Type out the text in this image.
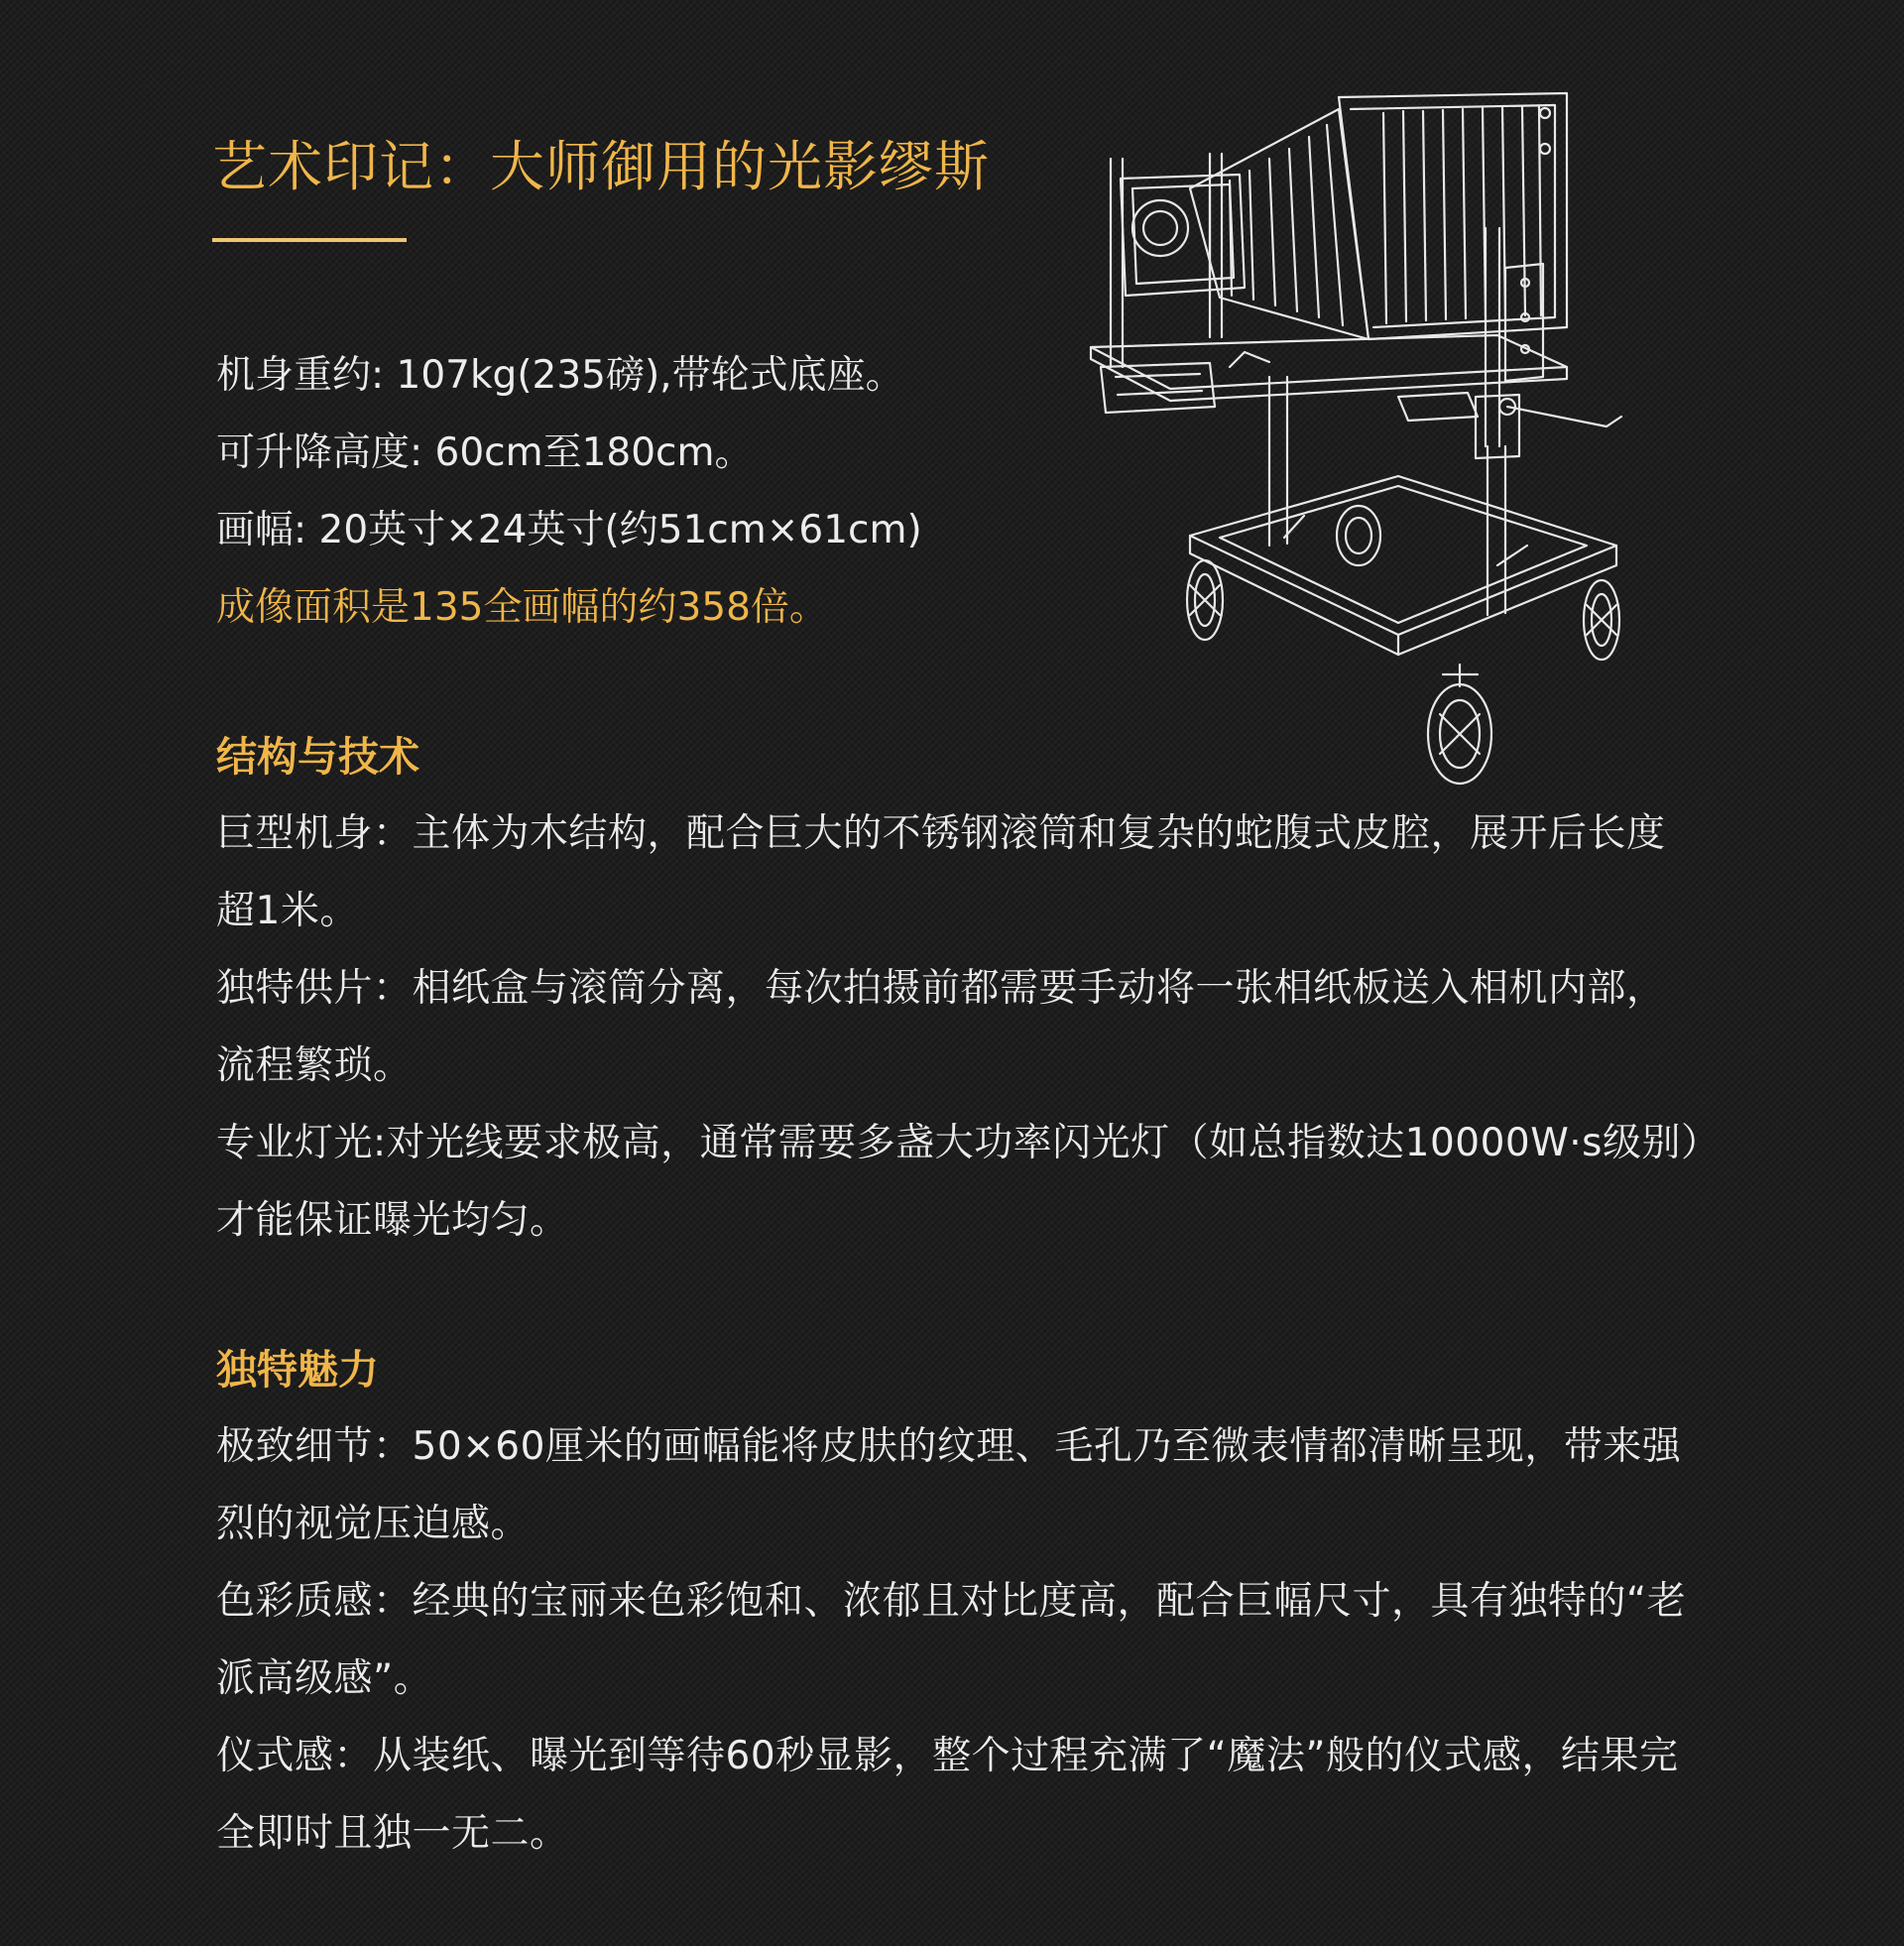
艺术印记：大师御用的光影缪斯

机身重约: 107kg(235磅),带轮式底座。

可升降高度: 60cm至180cm。

画幅: 20英寸×24英寸(约51cm×61cm)

成像面积是135全画幅的约358倍。

结构与技术

巨型机身：主体为木结构，配合巨大的不锈钢滚筒和复杂的蛇腹式皮腔，展开后长度超1米。

独特供片：相纸盒与滚筒分离，每次拍摄前都需要手动将一张相纸板送入相机内部，流程繁琐。

专业灯光:对光线要求极高，通常需要多盏大功率闪光灯（如总指数达10000W·s级别）才能保证曝光均匀。

独特魅力

极致细节：50×60厘米的画幅能将皮肤的纹理、毛孔乃至微表情都清晰呈现，带来强烈的视觉压迫感。

色彩质感：经典的宝丽来色彩饱和、浓郁且对比度高，配合巨幅尺寸，具有独特的“老派高级感”。

仪式感：从装纸、曝光到等待60秒显影，整个过程充满了“魔法”般的仪式感，结果完全即时且独一无二。
